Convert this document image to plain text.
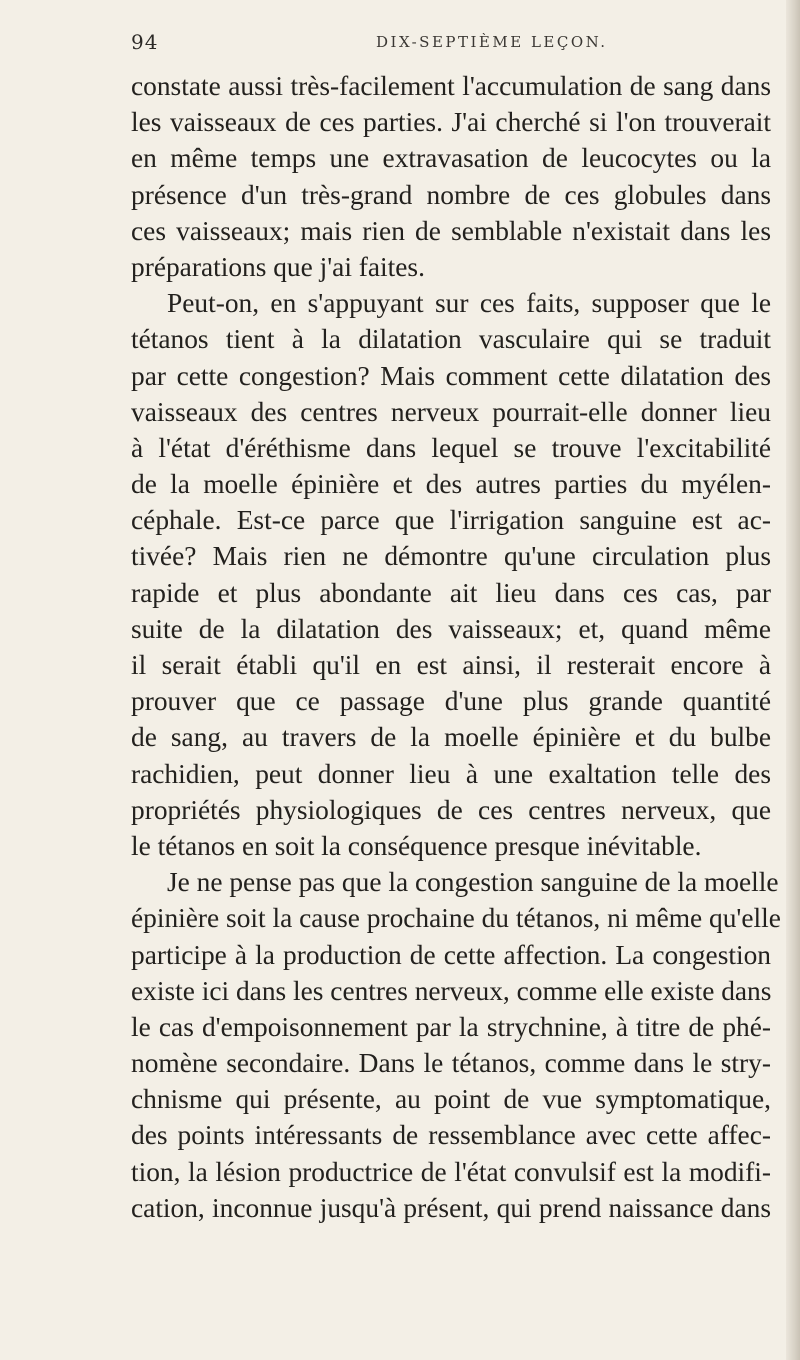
94	DIX-SEPTIÈME LEÇON.

constate aussi très-facilement l'accumulation de sang dans
les vaisseaux de ces parties. J'ai cherché si l'on trouverait
en même temps une extravasation de leucocytes ou la
présence d'un très-grand nombre de ces globules dans
ces vaisseaux; mais rien de semblable n'existait dans les
préparations que j'ai faites.

Peut-on, en s'appuyant sur ces faits, supposer que le
tétanos tient à la dilatation vasculaire qui se traduit
par cette congestion? Mais comment cette dilatation des
vaisseaux des centres nerveux pourrait-elle donner lieu
à l'état d'éréthisme dans lequel se trouve l'excitabilité
de la moelle épinière et des autres parties du myélen-
céphale. Est-ce parce que l'irrigation sanguine est ac-
tivée? Mais rien ne démontre qu'une circulation plus
rapide et plus abondante ait lieu dans ces cas, par
suite de la dilatation des vaisseaux; et, quand même
il serait établi qu'il en est ainsi, il resterait encore à
prouver que ce passage d'une plus grande quantité
de sang, au travers de la moelle épinière et du bulbe
rachidien, peut donner lieu à une exaltation telle des
propriétés physiologiques de ces centres nerveux, que
le tétanos en soit la conséquence presque inévitable.

Je ne pense pas que la congestion sanguine de la moelle
épinière soit la cause prochaine du tétanos, ni même qu'elle
participe à la production de cette affection. La congestion
existe ici dans les centres nerveux, comme elle existe dans
le cas d'empoisonnement par la strychnine, à titre de phé-
nomène secondaire. Dans le tétanos, comme dans le stry-
chnisme qui présente, au point de vue symptomatique,
des points intéressants de ressemblance avec cette affec-
tion, la lésion productrice de l'état convulsif est la modifi-
cation, inconnue jusqu'à présent, qui prend naissance dans
